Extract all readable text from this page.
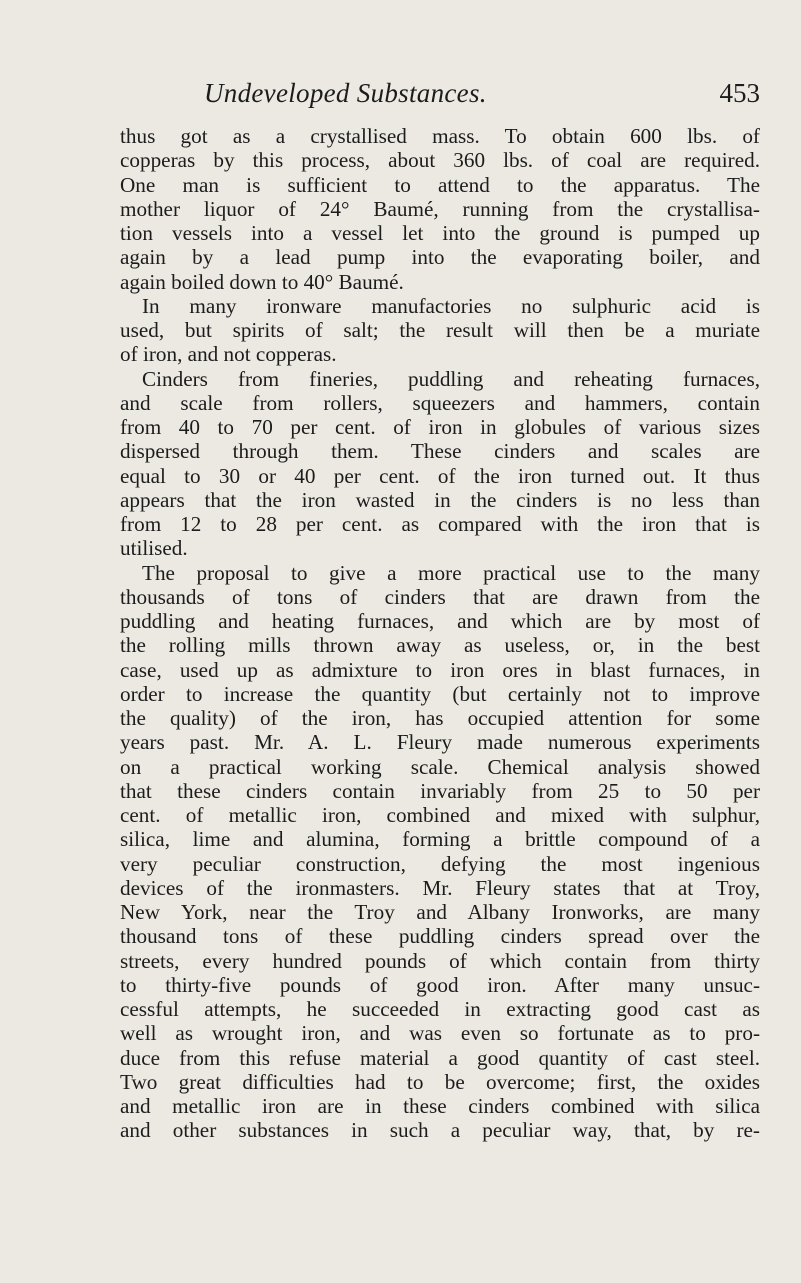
Undeveloped Substances.	453
thus got as a crystallised mass. To obtain 600 lbs. of
copperas by this process, about 360 lbs. of coal are required.
One man is sufficient to attend to the apparatus. The
mother liquor of 24° Baumé, running from the crystallisa-
tion vessels into a vessel let into the ground is pumped up
again by a lead pump into the evaporating boiler, and
again boiled down to 40° Baumé.
In many ironware manufactories no sulphuric acid is
used, but spirits of salt; the result will then be a muriate
of iron, and not copperas.
Cinders from fineries, puddling and reheating furnaces,
and scale from rollers, squeezers and hammers, contain
from 40 to 70 per cent. of iron in globules of various sizes
dispersed through them. These cinders and scales are
equal to 30 or 40 per cent. of the iron turned out. It thus
appears that the iron wasted in the cinders is no less than
from 12 to 28 per cent. as compared with the iron that is
utilised.
The proposal to give a more practical use to the many
thousands of tons of cinders that are drawn from the
puddling and heating furnaces, and which are by most of
the rolling mills thrown away as useless, or, in the best
case, used up as admixture to iron ores in blast furnaces, in
order to increase the quantity (but certainly not to improve
the quality) of the iron, has occupied attention for some
years past. Mr. A. L. Fleury made numerous experiments
on a practical working scale. Chemical analysis showed
that these cinders contain invariably from 25 to 50 per
cent. of metallic iron, combined and mixed with sulphur,
silica, lime and alumina, forming a brittle compound of a
very peculiar construction, defying the most ingenious
devices of the ironmasters. Mr. Fleury states that at Troy,
New York, near the Troy and Albany Ironworks, are many
thousand tons of these puddling cinders spread over the
streets, every hundred pounds of which contain from thirty
to thirty-five pounds of good iron. After many unsuc-
cessful attempts, he succeeded in extracting good cast as
well as wrought iron, and was even so fortunate as to pro-
duce from this refuse material a good quantity of cast steel.
Two great difficulties had to be overcome; first, the oxides
and metallic iron are in these cinders combined with silica
and other substances in such a peculiar way, that, by re-
